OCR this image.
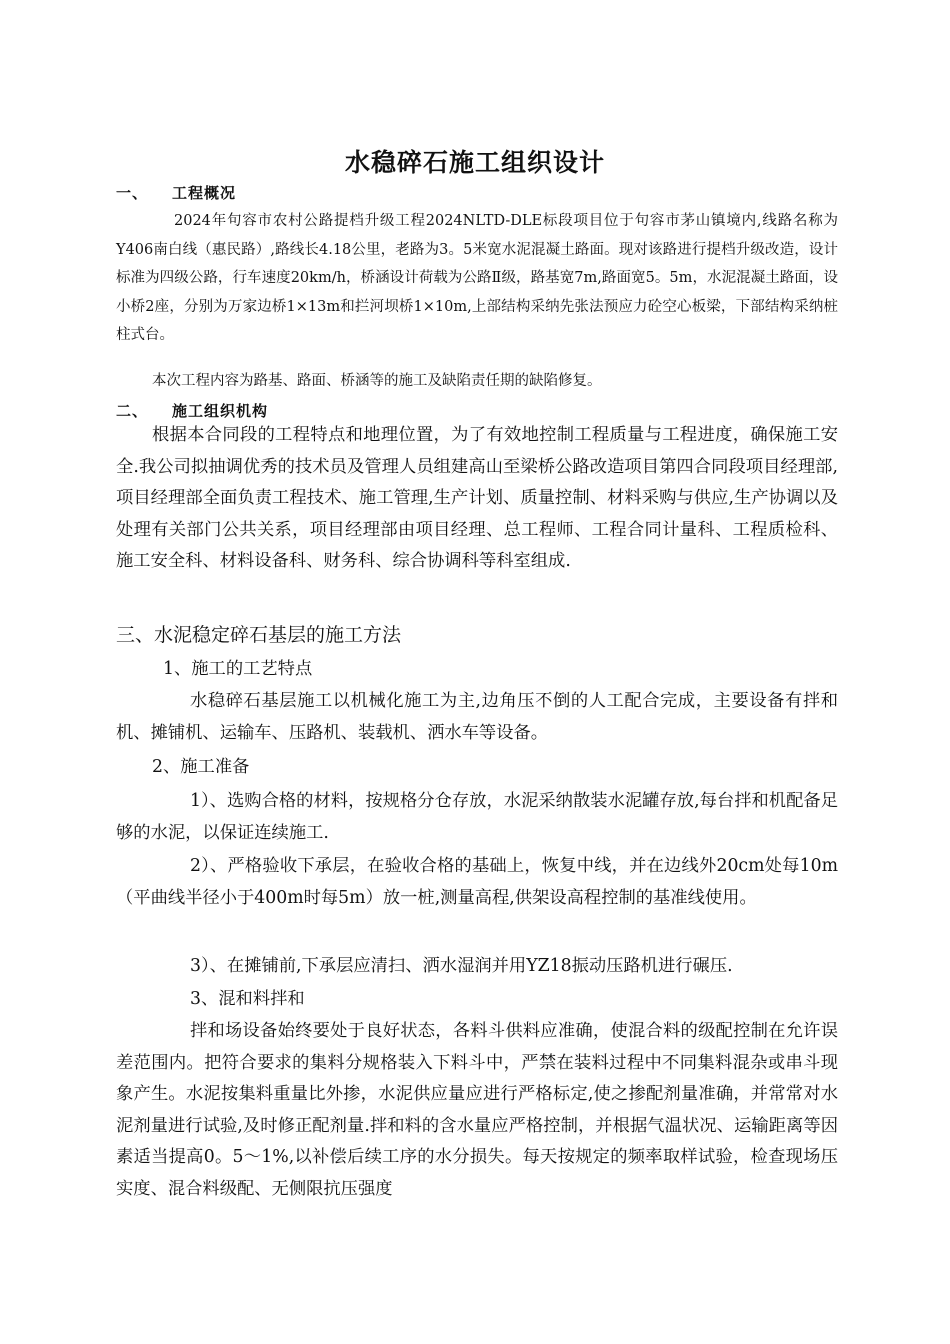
水稳碎石施工组织设计
一、 工程概况
2024年句容市农村公路提档升级工程2024NLTD-DLE标段项目位于句容市茅山镇境内,线路名称为Y406南白线（惠民路）,路线长4.18公里，老路为3。5米宽水泥混凝土路面。现对该路进行提档升级改造，设计标准为四级公路，行车速度20km/h，桥涵设计荷载为公路Ⅱ级，路基宽7m,路面宽5。5m，水泥混凝土路面，设小桥2座，分别为万家边桥1×13m和拦河坝桥1×10m,上部结构采纳先张法预应力砼空心板梁，下部结构采纳桩柱式台。
本次工程内容为路基、路面、桥涵等的施工及缺陷责任期的缺陷修复。
二、 施工组织机构
根据本合同段的工程特点和地理位置，为了有效地控制工程质量与工程进度，确保施工安全.我公司拟抽调优秀的技术员及管理人员组建高山至梁桥公路改造项目第四合同段项目经理部,项目经理部全面负责工程技术、施工管理,生产计划、质量控制、材料采购与供应,生产协调以及处理有关部门公共关系，项目经理部由项目经理、总工程师、工程合同计量科、工程质检科、施工安全科、材料设备科、财务科、综合协调科等科室组成.
三、水泥稳定碎石基层的施工方法
1、施工的工艺特点
水稳碎石基层施工以机械化施工为主,边角压不倒的人工配合完成，主要设备有拌和机、摊铺机、运输车、压路机、装载机、洒水车等设备。
2、施工准备
1）、选购合格的材料，按规格分仓存放，水泥采纳散装水泥罐存放,每台拌和机配备足够的水泥，以保证连续施工.
2）、严格验收下承层，在验收合格的基础上，恢复中线，并在边线外20cm处每10m（平曲线半径小于400m时每5m）放一桩,测量高程,供架设高程控制的基准线使用。
3）、在摊铺前,下承层应清扫、洒水湿润并用YZ18振动压路机进行碾压.
3、混和料拌和
拌和场设备始终要处于良好状态，各料斗供料应准确，使混合料的级配控制在允许误差范围内。把符合要求的集料分规格装入下料斗中，严禁在装料过程中不同集料混杂或串斗现象产生。水泥按集料重量比外掺，水泥供应量应进行严格标定,使之掺配剂量准确，并常常对水泥剂量进行试验,及时修正配剂量.拌和料的含水量应严格控制，并根据气温状况、运输距离等因素适当提高0。5～1%,以补偿后续工序的水分损失。每天按规定的频率取样试验，检查现场压实度、混合料级配、无侧限抗压强度
